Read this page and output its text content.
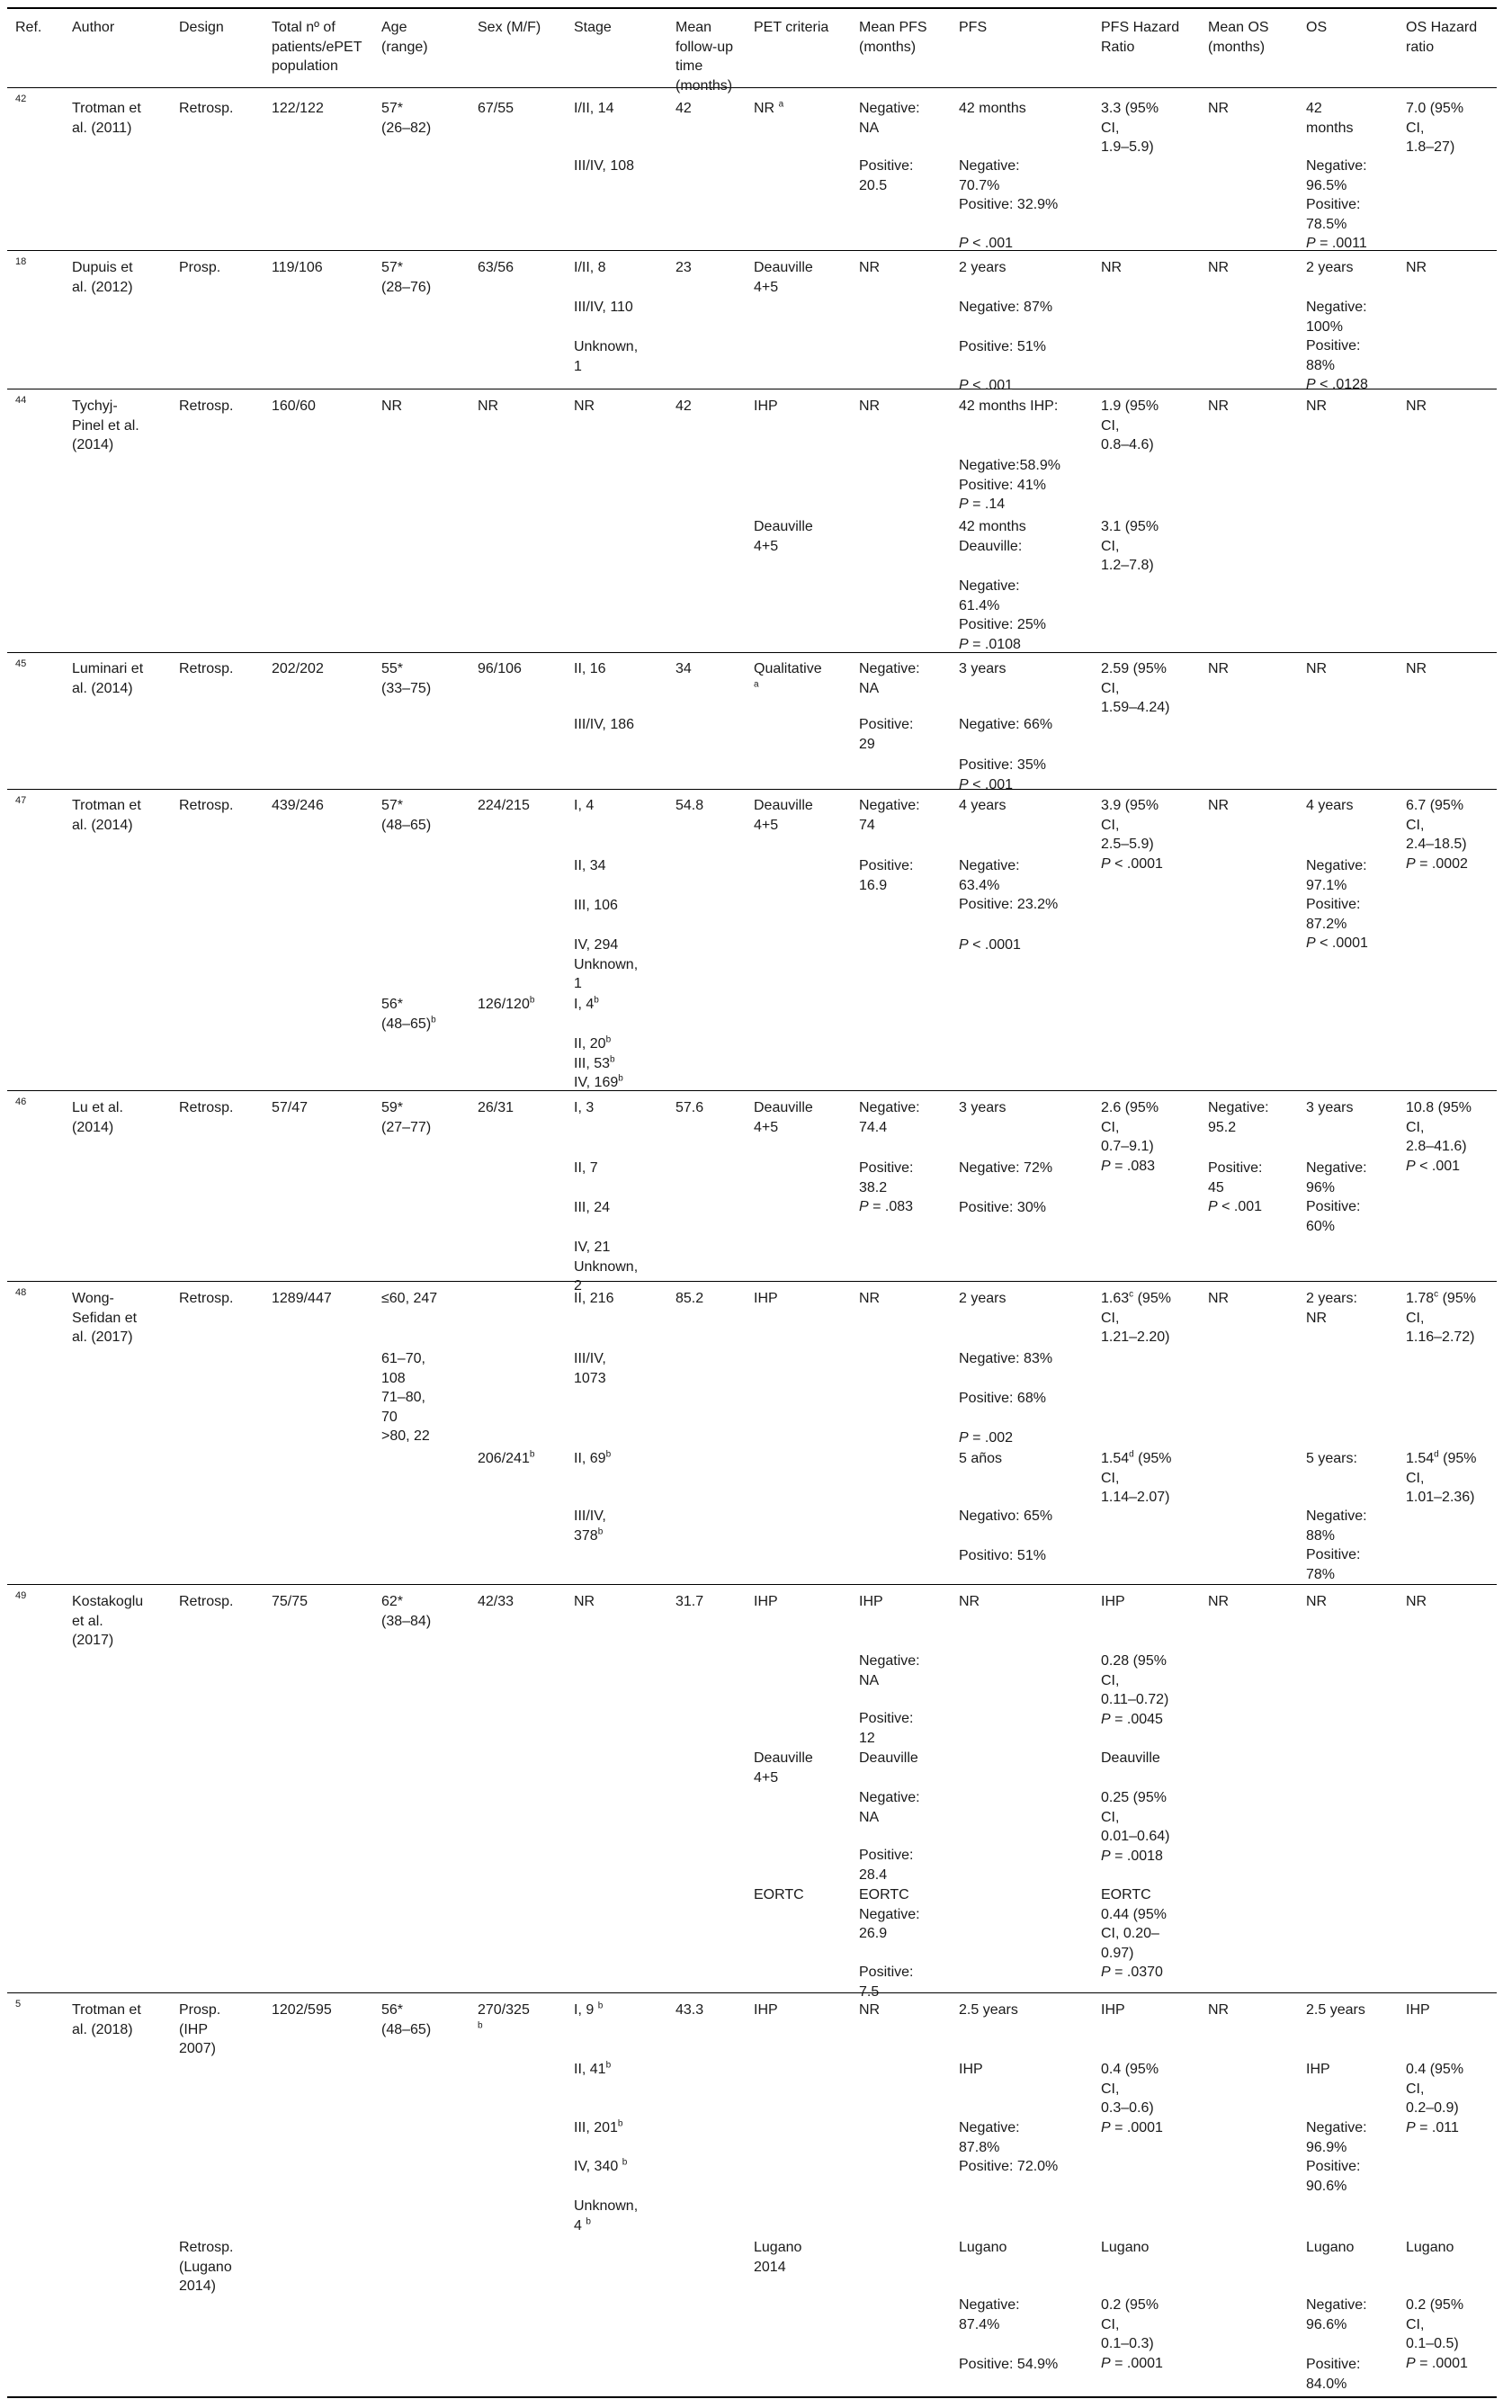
Ref.
42
18
44
45
47
46
48
49
5
Author
Trotman et
al. (2011)
Dupuis et
al. (2012)
Tychyj-
Pinel et al.
(2014)
Luminari et
al. (2014)
Trotman et
al. (2014)
Lu et al.
(2014)
Wong-
Sefidan et
al. (2017)
Kostakoglu
et al.
(2017)
Trotman et
al. (2018)
Design
Retrosp.
Prosp.
Retrosp.
Retrosp.
Retrosp.
Retrosp.
Retrosp.
Retrosp.
Prosp.
(IHP
2007)
Retrosp.
(Lugano
2014)
Total nº of
patients/ePET
population
122/122
119/106
160/60
202/202
439/246
57/47
1289/447
75/75
1202/595
Age
(range)
57*
(26–82)
57*
(28–76)
NR
55*
(33–75)
57*
(48–65)
56*
$(48-65)^b$
59*
(27–77)
≤60, 247
61–70,
108
71–80,
70
>80, 22
62*
(38–84)
56*
(48–65)
Sex (M/F)
67/55
63/56
NR
96/106
224/215
126/120$^b$
26/31
206/241$^b$
42/33
270/325
$^b$
Stage
I/II, 14
III/IV, 108
I/II, 8
III/IV, 110
Unknown,
1
NR
II, 16
III/IV, 186
I, 4
II, 34
III, 106
IV, 294
Unknown,
1
I, 4$^b$
II, 20$^b$
III, 53$^b$
IV, 169$^b$
I, 3
II, 7
III, 24
IV, 21
Unknown,
2
II, 216
III/IV,
1073
II, 69$^b$
III/IV,
378$^b$
NR
I, 9 $^b$
II, 41$^b$
III, 201$^b$
IV, 340 $^b$
Unknown,
4 $^b$
Mean
follow-up
time
(months)
42
23
42
34
54.8
57.6
85.2
31.7
43.3
PET criteria
NR $^a$
Deauville
4+5
IHP
Deauville
4+5
Qualitative
$^a$
Deauville
4+5
Deauville
4+5
IHP
IHP
Deauville
4+5
EORTC
IHP
Lugano
2014
Mean PFS
(months)
Negative:
NA
Positive:
20.5
NR
NR
Negative:
NA
Positive:
29
Negative:
74
Positive:
16.9
Negative:
74.4
Positive:
38.2
P = .083
NR
IHP
Negative:
NA
Positive:
12
Deauville
Negative:
NA
Positive:
28.4
EORTC
Negative:
26.9
Positive:
7.5
NR
PFS
42 months
Negative:
70.7%
Positive: 32.9%
P < .001
2 years
Negative: 87%
Positive: 51%
P < .001
42 months IHP:
Negative:58.9%
Positive: 41%
P = .14
42 months
Deauville:
Negative:
61.4%
Positive: 25%
P = .0108
3 years
Negative: 66%
Positive: 35%
P < .001
4 years
Negative:
63.4%
Positive: 23.2%
P < .0001
3 years
Negative: 72%
Positive: 30%
2 years
Negative: 83%
Positive: 68%
P = .002
5 años
Negativo: 65%
Positivo: 51%
NR
2.5 years
IHP
Negative:
87.8%
Positive: 72.0%
Lugano
Negative:
87.4%
Positive: 54.9%
PFS Hazard
Ratio
3.3 (95%
CI,
1.9–5.9)
NR
1.9 (95%
CI,
0.8–4.6)
3.1 (95%
CI,
1.2–7.8)
2.59 (95%
CI,
1.59–4.24)
3.9 (95%
CI,
2.5–5.9)
P < .0001
2.6 (95%
CI,
0.7–9.1)
P = .083
1.63$^c$ (95%
CI,
1.21–2.20)
1.54$^d$ (95%
CI,
1.14–2.07)
IHP
0.28 (95%
CI,
0.11–0.72)
P = .0045
Deauville
0.25 (95%
CI,
0.01–0.64)
P = .0018
EORTC
0.44 (95%
CI, 0.20–
0.97)
P = .0370
IHP
0.4 (95%
CI,
0.3–0.6)
P = .0001
Lugano
0.2 (95%
CI,
0.1–0.3)
P = .0001
Mean OS
(months)
NR
NR
NR
NR
NR
Negative:
95.2
Positive:
45
P < .001
NR
NR
NR
OS
42
months
Negative:
96.5%
Positive:
78.5%
P = .0011
2 years
Negative:
100%
Positive:
88%
P < .0128
NR
NR
4 years
Negative:
97.1%
Positive:
87.2%
P < .0001
3 years
Negative:
96%
Positive:
60%
2 years:
NR
5 years:
Negative:
88%
Positive:
78%
NR
2.5 years
IHP
Negative:
96.9%
Positive:
90.6%
Lugano
Negative:
96.6%
Positive:
84.0%
OS Hazard
ratio
7.0 (95%
CI,
1.8–27)
NR
NR
NR
6.7 (95%
CI,
2.4–18.5)
P = .0002
10.8 (95%
CI,
2.8–41.6)
P < .001
1.78$^c$ (95%
CI,
1.16–2.72)
1.54$^d$ (95%
CI,
1.01–2.36)
NR
IHP
0.4 (95%
CI,
0.2–0.9)
P = .011
Lugano
0.2 (95%
CI,
0.1–0.5)
P = .0001
